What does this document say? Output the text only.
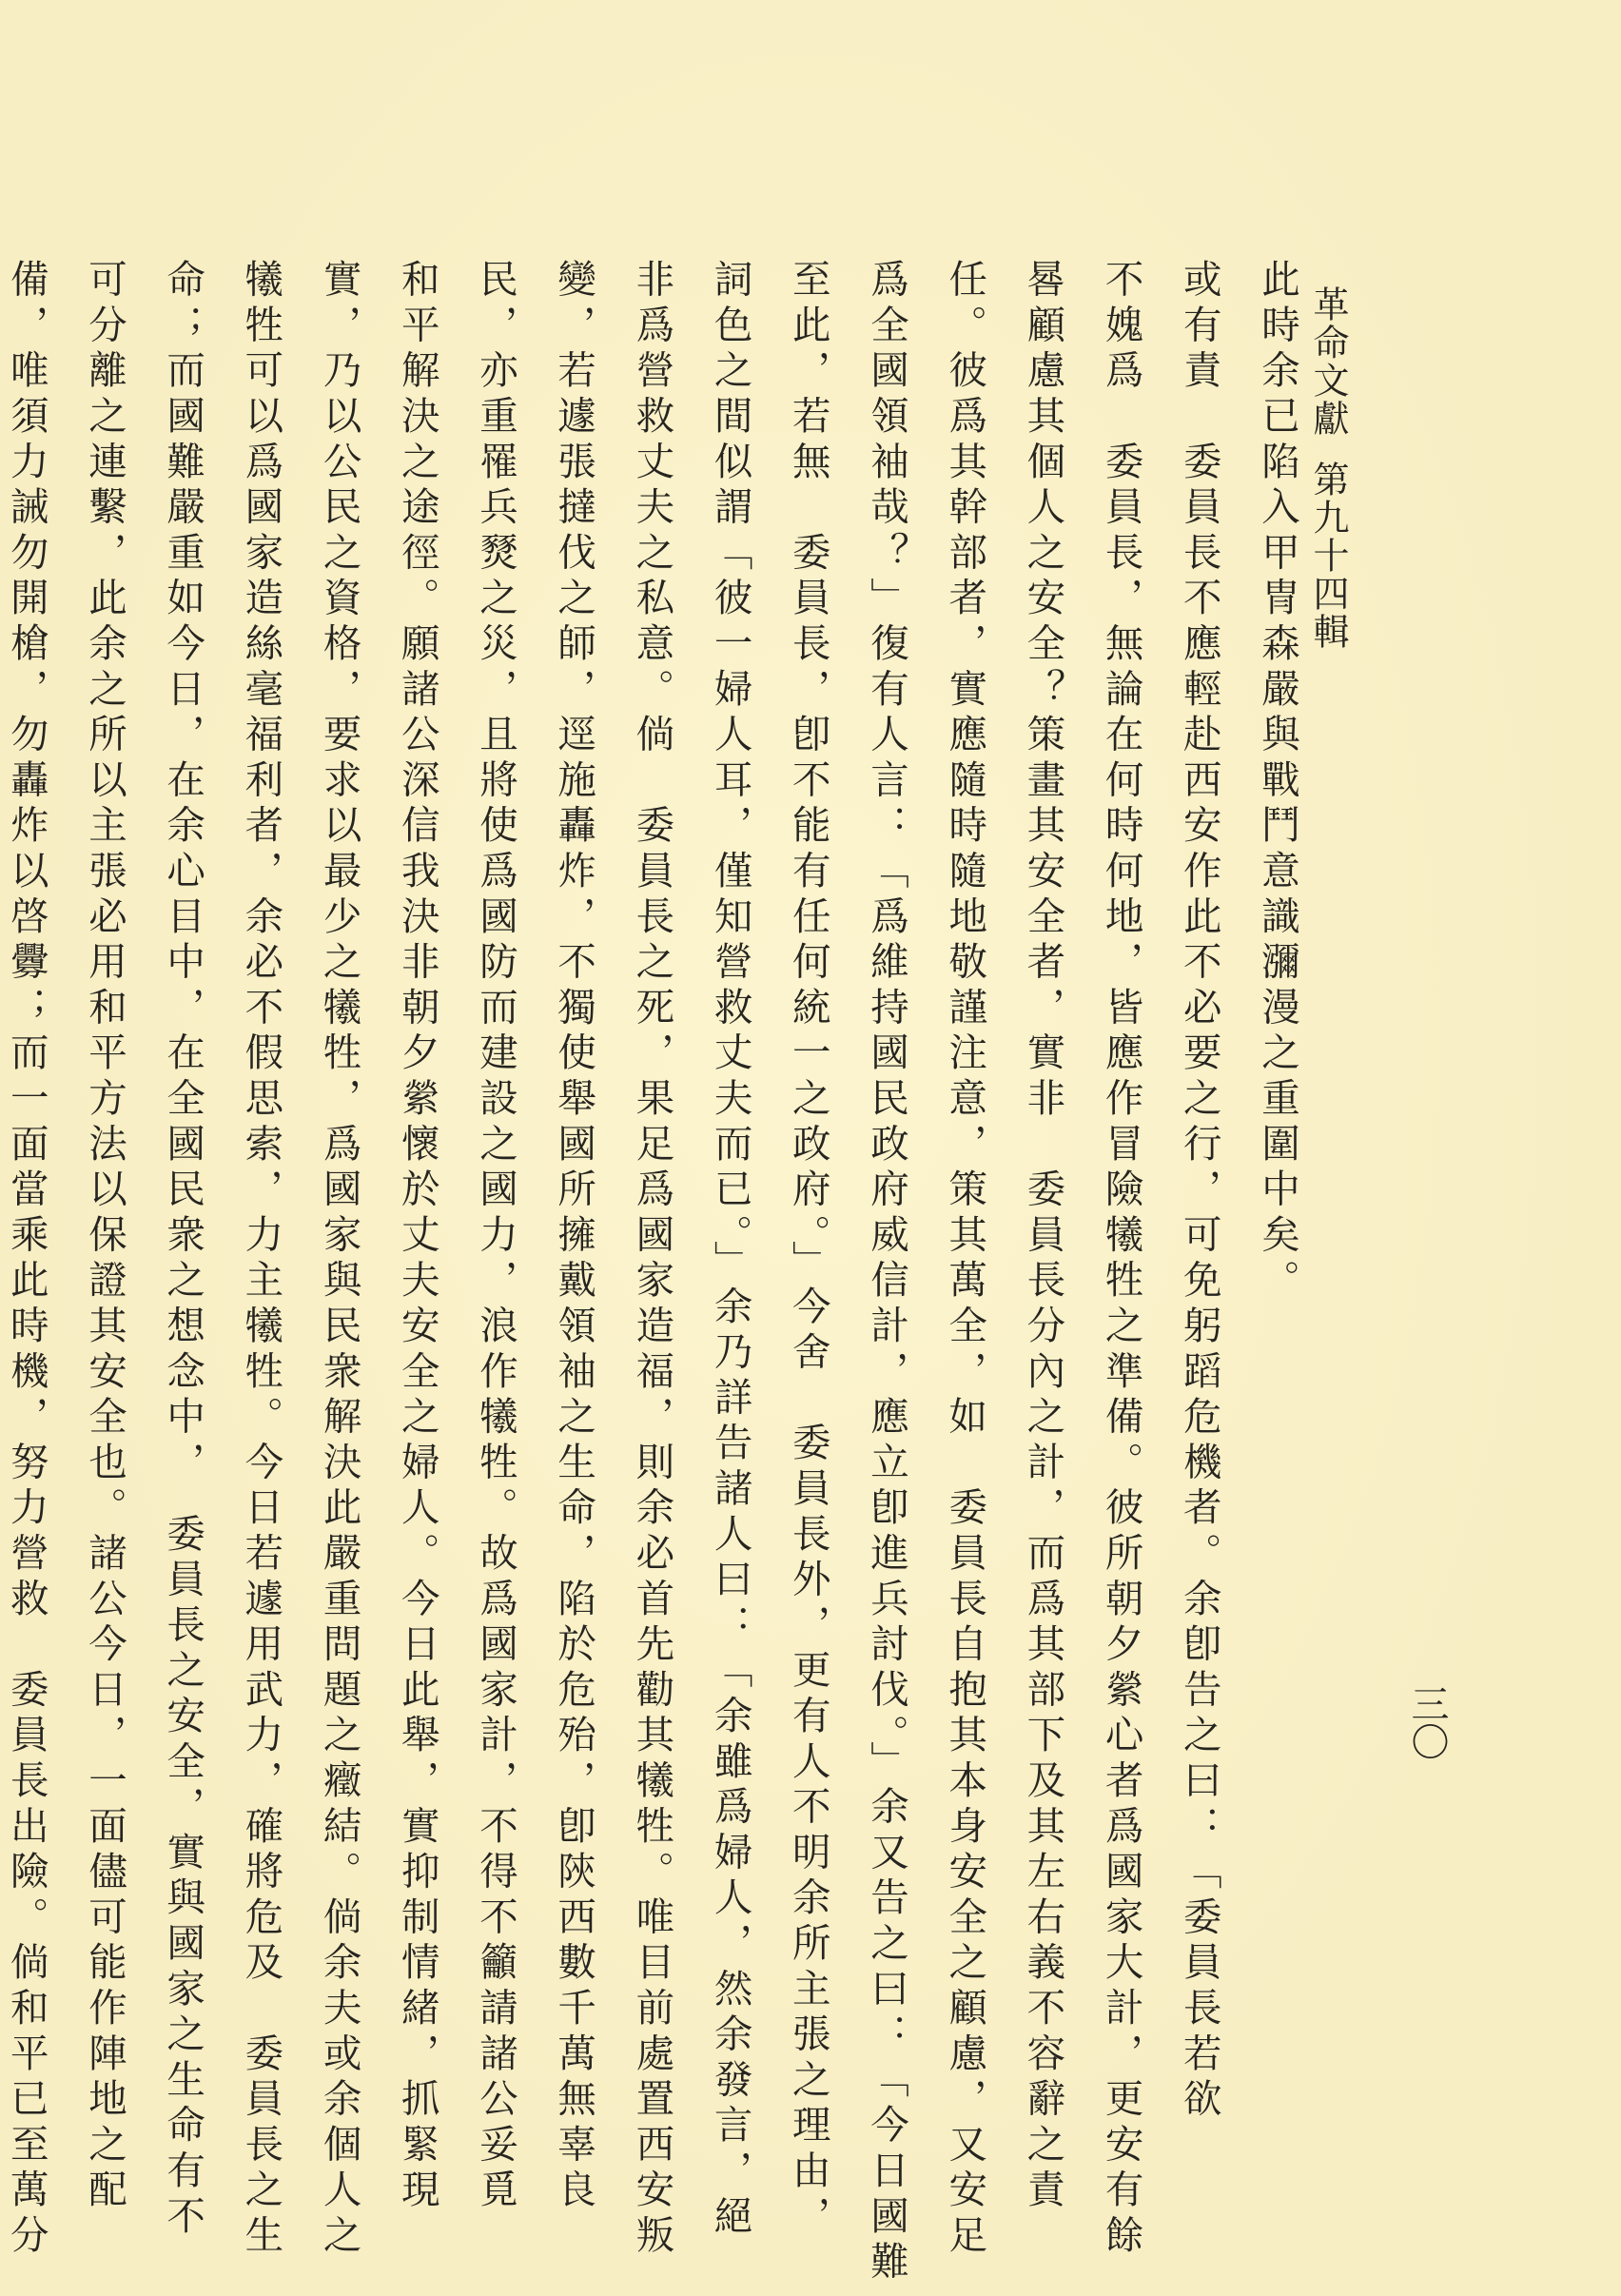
革命文獻第九十四輯
三〇
此時余已陷入甲冑森嚴與戰鬥意識瀰漫之重圍中矣。
或有責　委員長不應輕赴西安作此不必要之行，可免躬蹈危機者。余卽告之曰：「委員長若欲
不媿爲　委員長，無論在何時何地，皆應作冒險犧牲之準備。彼所朝夕縈心者爲國家大計，更安有餘
晷顧慮其個人之安全？策畫其安全者，實非　委員長分內之計，而爲其部下及其左右義不容辭之責
任。彼爲其幹部者，實應隨時隨地敬謹注意，策其萬全，如　委員長自抱其本身安全之顧慮，又安足
爲全國領袖哉？」復有人言：「爲維持國民政府威信計，應立卽進兵討伐。」余又告之曰：「今日國難
至此，若無　委員長，卽不能有任何統一之政府。」今舍　委員長外，更有人不明余所主張之理由，
詞色之間似謂「彼一婦人耳，僅知營救丈夫而已。」余乃詳告諸人曰：「余雖爲婦人，然余發言，絕
非爲營救丈夫之私意。倘　委員長之死，果足爲國家造福，則余必首先勸其犧牲。唯目前處置西安叛
變，若遽張撻伐之師，逕施轟炸，不獨使舉國所擁戴領袖之生命，陷於危殆，卽陝西數千萬無辜良
民，亦重罹兵燹之災，且將使爲國防而建設之國力，浪作犧牲。故爲國家計，不得不籲請諸公妥覓
和平解決之途徑。願諸公深信我決非朝夕縈懷於丈夫安全之婦人。今日此舉，實抑制情緒，抓緊現
實，乃以公民之資格，要求以最少之犧牲，爲國家與民衆解決此嚴重問題之癥結。倘余夫或余個人之
犧牲可以爲國家造絲毫福利者，余必不假思索，力主犧牲。今日若遽用武力，確將危及　委員長之生
命；而國難嚴重如今日，在余心目中，在全國民衆之想念中，　委員長之安全，實與國家之生命有不
可分離之連繫，此余之所以主張必用和平方法以保證其安全也。諸公今日，一面儘可能作陣地之配
備，唯須力誡勿開槍，勿轟炸以啓釁；而一面當乘此時機，努力營救　委員長出險。倘和平已至萬分
